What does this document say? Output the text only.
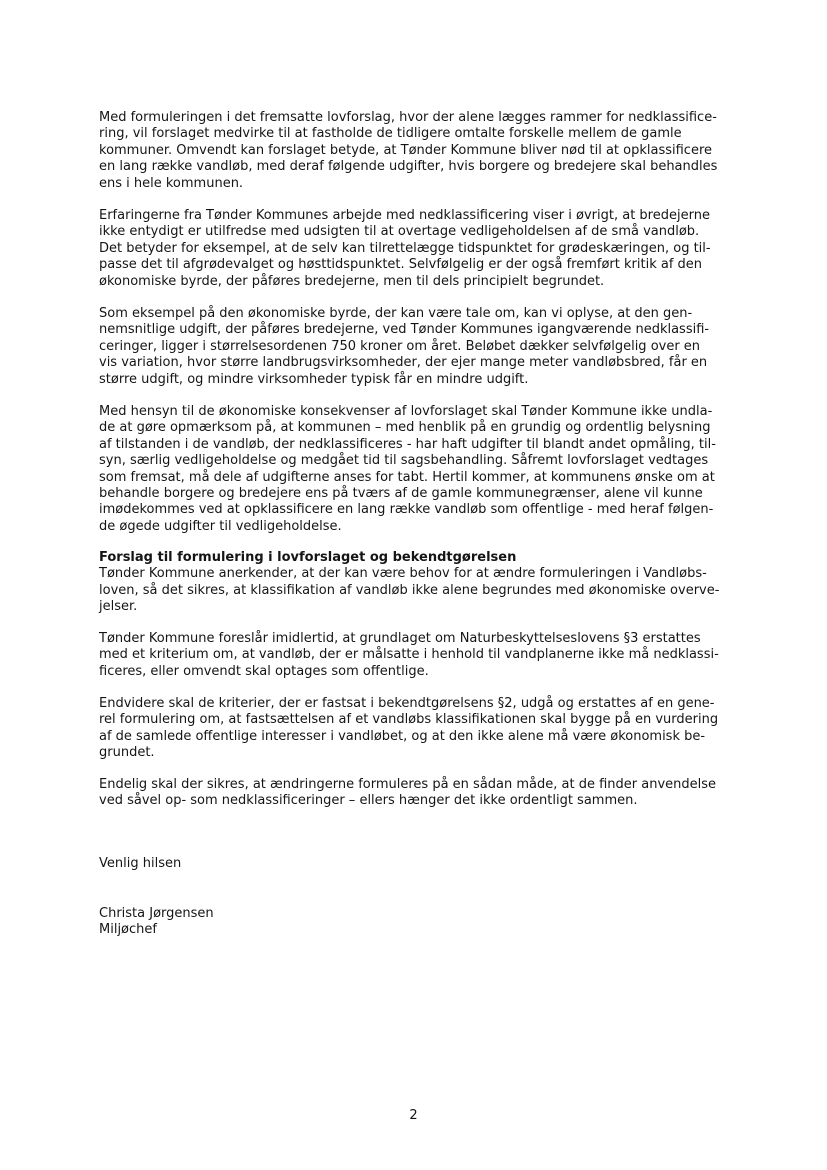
Med formuleringen i det fremsatte lovforslag, hvor der alene lægges rammer for nedklassifice-
ring, vil forslaget medvirke til at fastholde de tidligere omtalte forskelle mellem de gamle
kommuner. Omvendt kan forslaget betyde, at Tønder Kommune bliver nød til at opklassificere
en lang række vandløb, med deraf følgende udgifter, hvis borgere og bredejere skal behandles
ens i hele kommunen.
Erfaringerne fra Tønder Kommunes arbejde med nedklassificering viser i øvrigt, at bredejerne
ikke entydigt er utilfredse med udsigten til at overtage vedligeholdelsen af de små vandløb.
Det betyder for eksempel, at de selv kan tilrettelægge tidspunktet for grødeskæringen, og til-
passe det til afgrødevalget og høsttidspunktet. Selvfølgelig er der også fremført kritik af den
økonomiske byrde, der påføres bredejerne, men til dels principielt begrundet.
Som eksempel på den økonomiske byrde, der kan være tale om, kan vi oplyse, at den gen-
nemsnitlige udgift, der påføres bredejerne, ved Tønder Kommunes igangværende nedklassifi-
ceringer, ligger i størrelsesordenen 750 kroner om året. Beløbet dækker selvfølgelig over en
vis variation, hvor større landbrugsvirksomheder, der ejer mange meter vandløbsbred, får en
større udgift, og mindre virksomheder typisk får en mindre udgift.
Med hensyn til de økonomiske konsekvenser af lovforslaget skal Tønder Kommune ikke undla-
de at gøre opmærksom på, at kommunen – med henblik på en grundig og ordentlig belysning
af tilstanden i de vandløb, der nedklassificeres - har haft udgifter til blandt andet opmåling, til-
syn, særlig vedligeholdelse og medgået tid til sagsbehandling. Såfremt lovforslaget vedtages
som fremsat, må dele af udgifterne anses for tabt. Hertil kommer, at kommunens ønske om at
behandle borgere og bredejere ens på tværs af de gamle kommunegrænser, alene vil kunne
imødekommes ved at opklassificere en lang række vandløb som offentlige - med heraf følgen-
de øgede udgifter til vedligeholdelse.
Forslag til formulering i lovforslaget og bekendtgørelsen
Tønder Kommune anerkender, at der kan være behov for at ændre formuleringen i Vandløbs-
loven, så det sikres, at klassifikation af vandløb ikke alene begrundes med økonomiske overve-
jelser.
Tønder Kommune foreslår imidlertid, at grundlaget om Naturbeskyttelseslovens §3 erstattes
med et kriterium om, at vandløb, der er målsatte i henhold til vandplanerne ikke må nedklassi-
ficeres, eller omvendt skal optages som offentlige.
Endvidere skal de kriterier, der er fastsat i bekendtgørelsens §2, udgå og erstattes af en gene-
rel formulering om, at fastsættelsen af et vandløbs klassifikationen skal bygge på en vurdering
af de samlede offentlige interesser i vandløbet, og at den ikke alene må være økonomisk be-
grundet.
Endelig skal der sikres, at ændringerne formuleres på en sådan måde, at de finder anvendelse
ved såvel op- som nedklassificeringer – ellers hænger det ikke ordentligt sammen.
Venlig hilsen
Christa Jørgensen
Miljøchef
2
